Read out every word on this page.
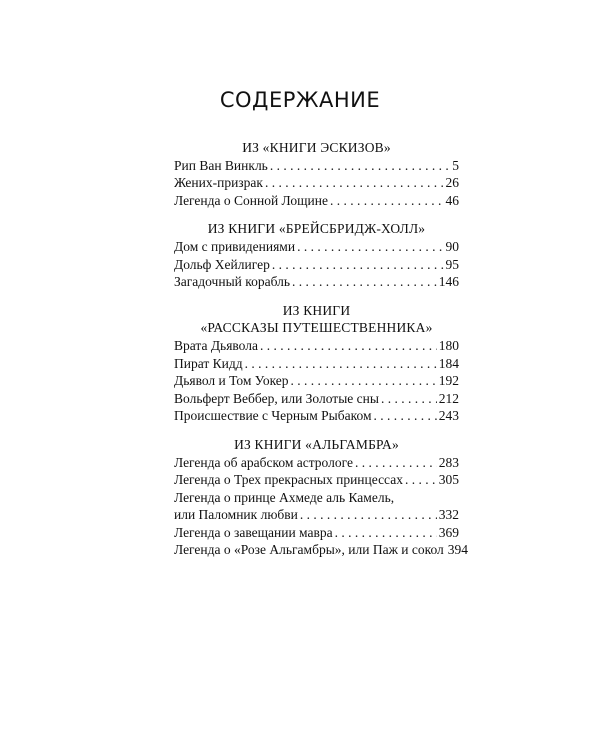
СОДЕРЖАНИЕ
ИЗ «КНИГИ ЭСКИЗОВ»
Рип Ван Винкль . . .	5
Жених-призрак . . .	26
Легенда о Сонной Лощине . . .	46
ИЗ КНИГИ «БРЕЙСБРИДЖ-ХОЛЛ»
Дом с привидениями . . .	90
Дольф Хейлигер . . .	95
Загадочный корабль . . .	146
ИЗ КНИГИ
«РАССКАЗЫ ПУТЕШЕСТВЕННИКА»
Врата Дьявола . . .	180
Пират Кидд . . .	184
Дьявол и Том Уокер . . .	192
Вольферт Веббер, или Золотые сны . . .	212
Происшествие с Черным Рыбаком . . .	243
ИЗ КНИГИ «АЛЬГАМБРА»
Легенда об арабском астрологе . . .	283
Легенда о Трех прекрасных принцессах . . .	305
Легенда о принце Ахмеде аль Камель,
или Паломник любви . . .	332
Легенда о завещании мавра . . .	369
Легенда о «Розе Альгамбры», или Паж и сокол 394
